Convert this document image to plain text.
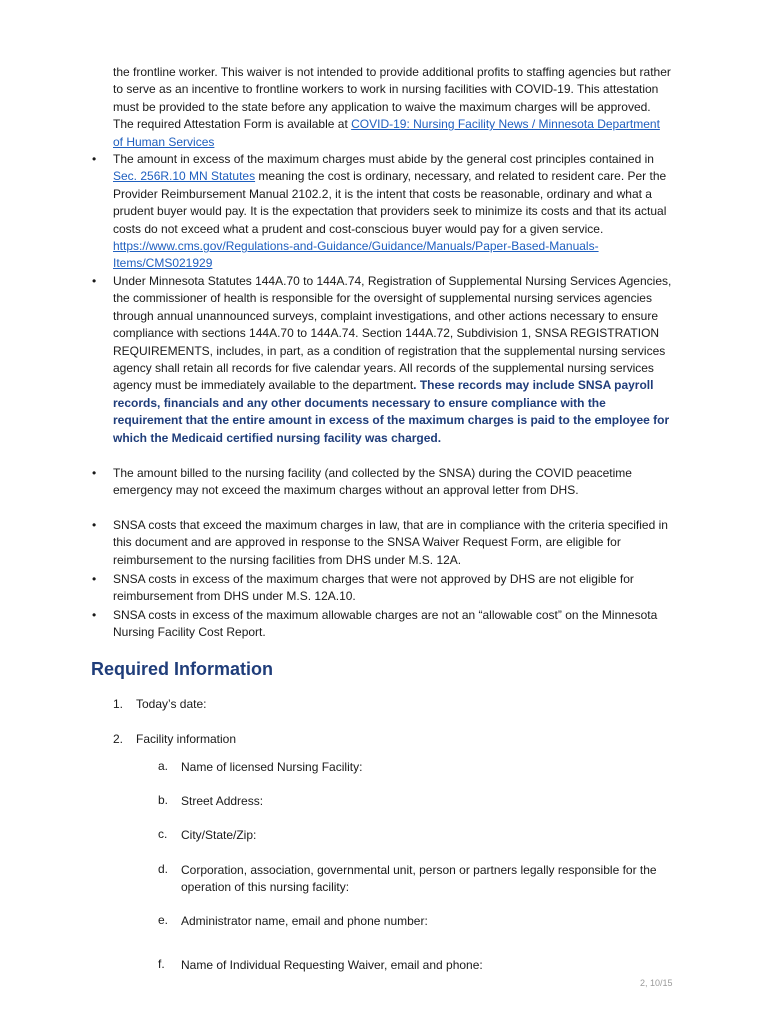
the frontline worker. This waiver is not intended to provide additional profits to staffing agencies but rather to serve as an incentive to frontline workers to work in nursing facilities with COVID-19. This attestation must be provided to the state before any application to waive the maximum charges will be approved. The required Attestation Form is available at COVID-19: Nursing Facility News / Minnesota Department of Human Services
• The amount in excess of the maximum charges must abide by the general cost principles contained in Sec. 256R.10 MN Statutes meaning the cost is ordinary, necessary, and related to resident care. Per the Provider Reimbursement Manual 2102.2, it is the intent that costs be reasonable, ordinary and what a prudent buyer would pay. It is the expectation that providers seek to minimize its costs and that its actual costs do not exceed what a prudent and cost-conscious buyer would pay for a given service. https://www.cms.gov/Regulations-and-Guidance/Guidance/Manuals/Paper-Based-Manuals-Items/CMS021929
• Under Minnesota Statutes 144A.70 to 144A.74, Registration of Supplemental Nursing Services Agencies, the commissioner of health is responsible for the oversight of supplemental nursing services agencies through annual unannounced surveys, complaint investigations, and other actions necessary to ensure compliance with sections 144A.70 to 144A.74. Section 144A.72, Subdivision 1, SNSA REGISTRATION REQUIREMENTS, includes, in part, as a condition of registration that the supplemental nursing services agency shall retain all records for five calendar years. All records of the supplemental nursing services agency must be immediately available to the department. These records may include SNSA payroll records, financials and any other documents necessary to ensure compliance with the requirement that the entire amount in excess of the maximum charges is paid to the employee for which the Medicaid certified nursing facility was charged.
• The amount billed to the nursing facility (and collected by the SNSA) during the COVID peacetime emergency may not exceed the maximum charges without an approval letter from DHS.
• SNSA costs that exceed the maximum charges in law, that are in compliance with the criteria specified in this document and are approved in response to the SNSA Waiver Request Form, are eligible for reimbursement to the nursing facilities from DHS under M.S. 12A.
• SNSA costs in excess of the maximum charges that were not approved by DHS are not eligible for reimbursement from DHS under M.S. 12A.10.
• SNSA costs in excess of the maximum allowable charges are not an “allowable cost” on the Minnesota Nursing Facility Cost Report.
Required Information
1. Today’s date:
2. Facility information
a. Name of licensed Nursing Facility:
b. Street Address:
c. City/State/Zip:
d. Corporation, association, governmental unit, person or partners legally responsible for the operation of this nursing facility:
e. Administrator name, email and phone number:
f. Name of Individual Requesting Waiver, email and phone:
2, 10/15
